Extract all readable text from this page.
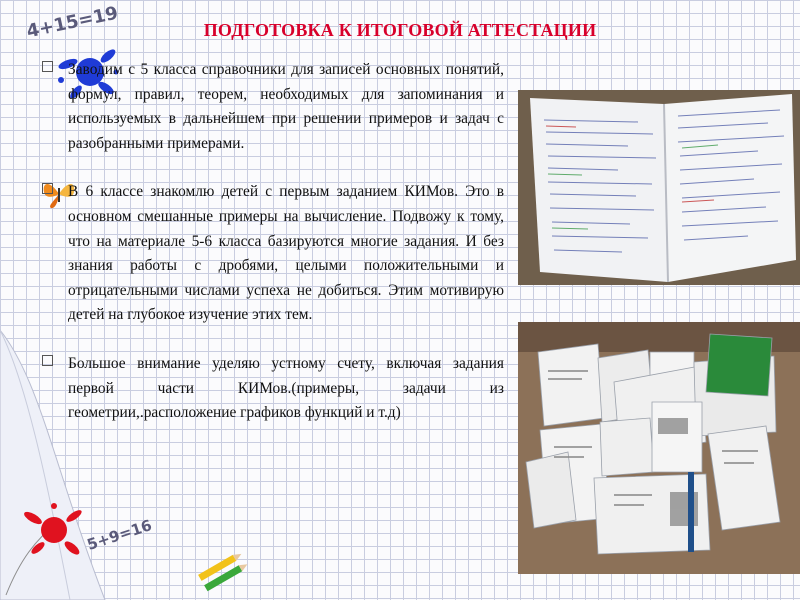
4+15=19
5+9=16
ПОДГОТОВКА К ИТОГОВОЙ АТТЕСТАЦИИ
Заводим с 5 класса справочники для записей основных понятий, формул, правил, теорем, необходимых для запоминания и используемых в дальнейшем при решении примеров и задач с разобранными примерами.
В 6 классе знакомлю детей с первым заданием КИМов. Это в основном смешанные примеры на вычисление. Подвожу к тому, что на материале 5-6 класса базируются многие задания. И без знания работы с дробями, целыми положительными и отрицательными числами успеха не добиться. Этим мотивирую детей на глубокое изучение этих тем.
Большое внимание уделяю устному счету, включая задания первой части КИМов.(примеры, задачи из геометрии,.расположение графиков функций и т.д)
